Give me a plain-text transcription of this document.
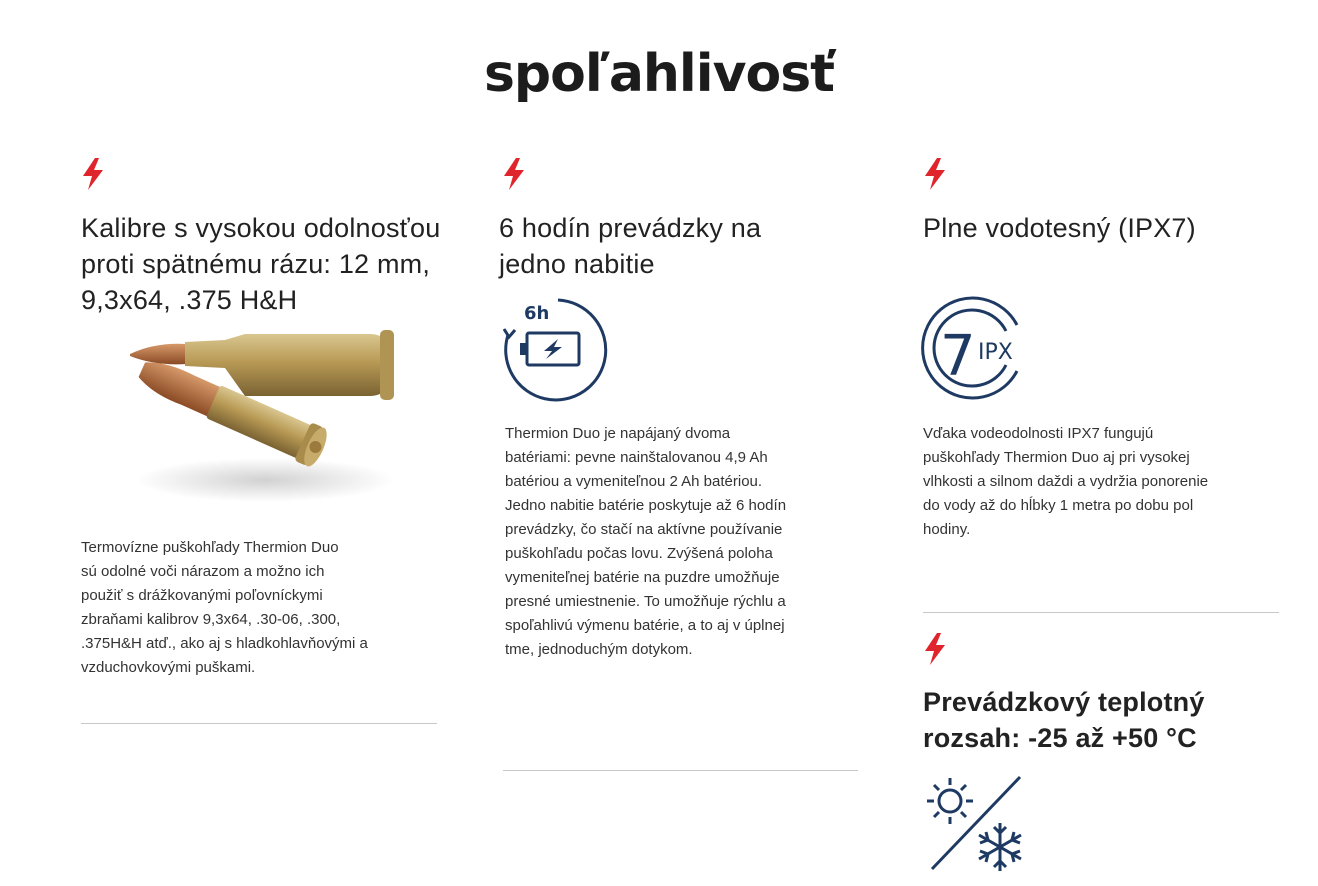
spoľahlivosť
Kalibre s vysokou odolnosťou
proti spätnému rázu: 12 mm,
9,3x64, .375 H&H
Termovízne puškohľady Thermion Duo
sú odolné voči nárazom a možno ich
použiť s drážkovanými poľovníckymi
zbraňami kalibrov 9,3x64, .30-06, .300,
.375H&H atď., ako aj s hladkohlavňovými a
vzduchovkovými puškami.
6 hodín prevádzky na
jedno nabitie
6h
Thermion Duo je napájaný dvoma
batériami: pevne nainštalovanou 4,9 Ah
batériou a vymeniteľnou 2 Ah batériou.
Jedno nabitie batérie poskytuje až 6 hodín
prevádzky, čo stačí na aktívne používanie
puškohľadu počas lovu. Zvýšená poloha
vymeniteľnej batérie na puzdre umožňuje
presné umiestnenie. To umožňuje rýchlu a
spoľahlivú výmenu batérie, a to aj v úplnej
tme, jednoduchým dotykom.
Plne vodotesný (IPX7)
7 IPX
Vďaka vodeodolnosti IPX7 fungujú
puškohľady Thermion Duo aj pri vysokej
vlhkosti a silnom daždi a vydržia ponorenie
do vody až do hĺbky 1 metra po dobu pol
hodiny.
Prevádzkový teplotný
rozsah: -25 až +50 °C
